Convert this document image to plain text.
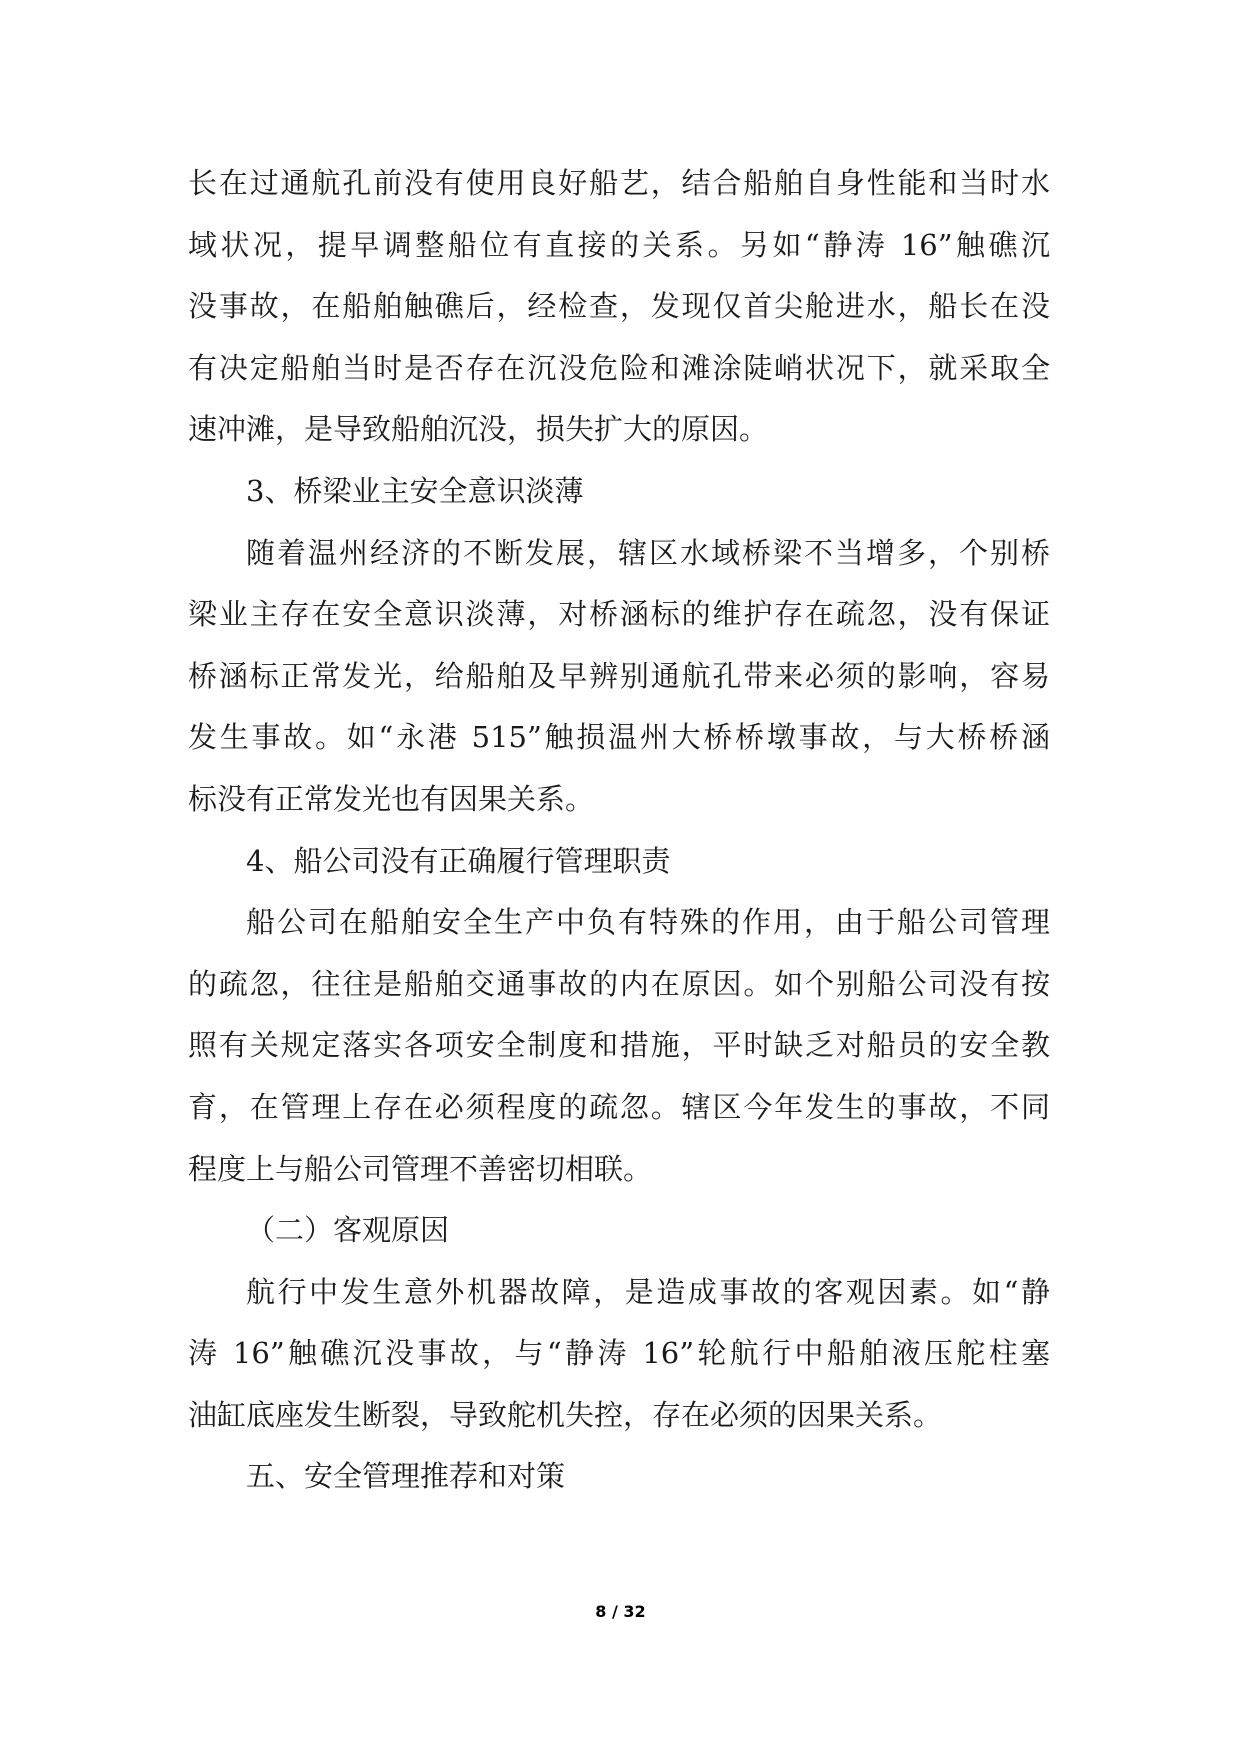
长在过通航孔前没有使用良好船艺，结合船舶自身性能和当时水
域状况，提早调整船位有直接的关系。另如“静涛 16”触礁沉
没事故，在船舶触礁后，经检查，发现仅首尖舱进水，船长在没
有决定船舶当时是否存在沉没危险和滩涂陡峭状况下，就采取全
速冲滩，是导致船舶沉没，损失扩大的原因。
3、桥梁业主安全意识淡薄
随着温州经济的不断发展，辖区水域桥梁不当增多，个别桥
梁业主存在安全意识淡薄，对桥涵标的维护存在疏忽，没有保证
桥涵标正常发光，给船舶及早辨别通航孔带来必须的影响，容易
发生事故。如“永港 515”触损温州大桥桥墩事故，与大桥桥涵
标没有正常发光也有因果关系。
4、船公司没有正确履行管理职责
船公司在船舶安全生产中负有特殊的作用，由于船公司管理
的疏忽，往往是船舶交通事故的内在原因。如个别船公司没有按
照有关规定落实各项安全制度和措施，平时缺乏对船员的安全教
育，在管理上存在必须程度的疏忽。辖区今年发生的事故，不同
程度上与船公司管理不善密切相联。
（二）客观原因
航行中发生意外机器故障，是造成事故的客观因素。如“静
涛 16”触礁沉没事故，与“静涛 16”轮航行中船舶液压舵柱塞
油缸底座发生断裂，导致舵机失控，存在必须的因果关系。
五、安全管理推荐和对策
8 / 32
